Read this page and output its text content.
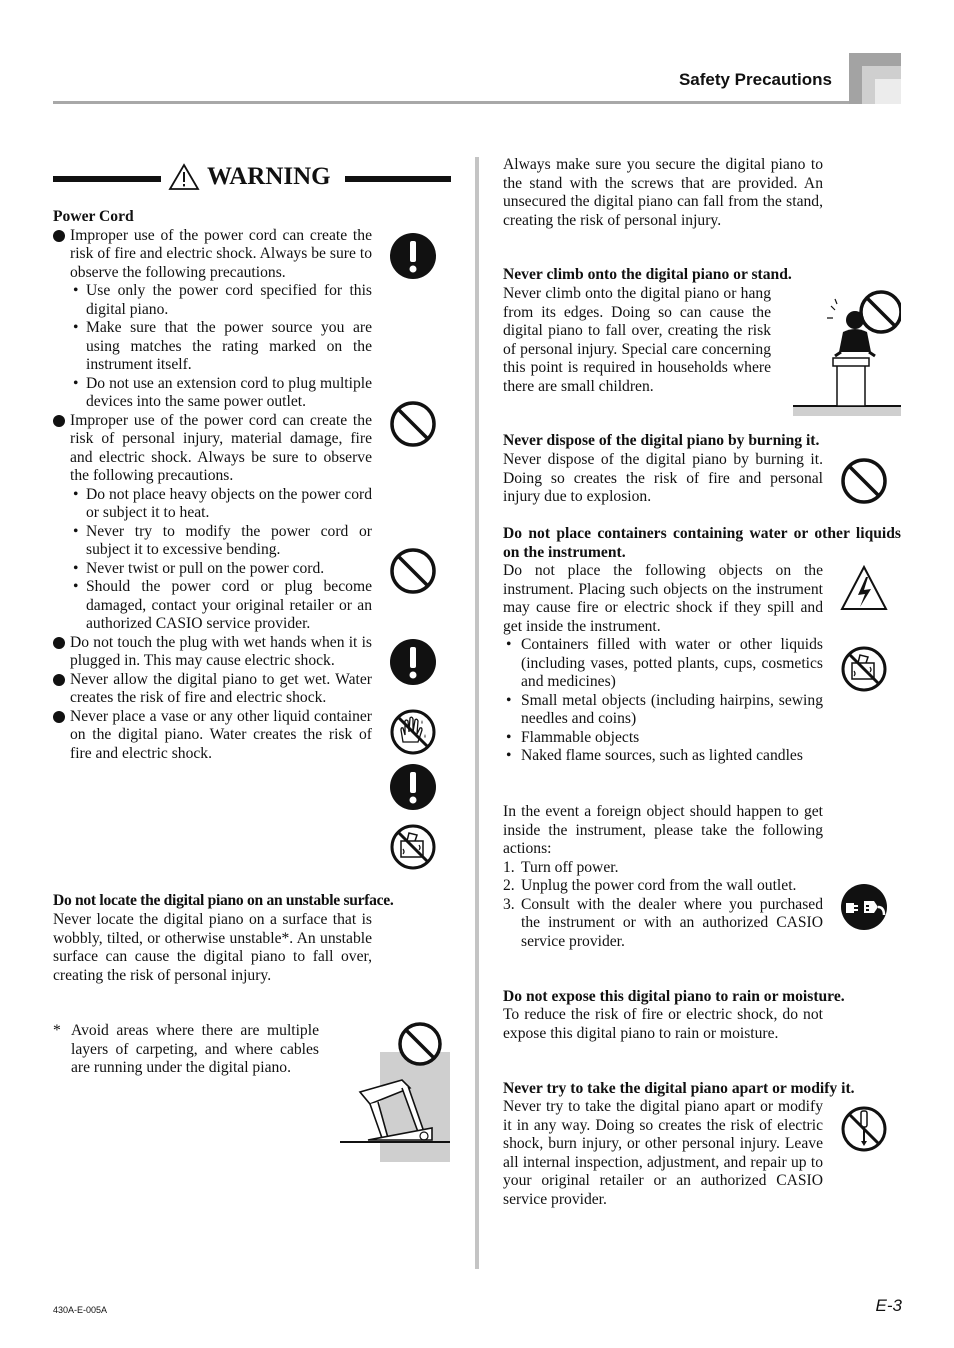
Safety Precautions
WARNING

Power Cord

Improper use of the power cord can create the risk of fire and electric shock. Always be sure to observe the following precautions.
• Use only the power cord specified for this digital piano.
• Make sure that the power source you are using matches the rating marked on the instrument itself.
• Do not use an extension cord to plug multiple devices into the same power outlet.
Improper use of the power cord can create the risk of personal injury, material damage, fire and electric shock. Always be sure to observe the following precautions.
• Do not place heavy objects on the power cord or subject it to heat.
• Never try to modify the power cord or subject it to excessive bending.
• Never twist or pull on the power cord.
• Should the power cord or plug become damaged, contact your original retailer or an authorized CASIO service provider.
Do not touch the plug with wet hands when it is plugged in. This may cause electric shock.
Never allow the digital piano to get wet. Water creates the risk of fire and electric shock.
Never place a vase or any other liquid container on the digital piano. Water creates the risk of fire and electric shock.

Do not locate the digital piano on an unstable surface.

Never locate the digital piano on a surface that is wobbly, tilted, or otherwise unstable*. An unstable surface can cause the digital piano to fall over, creating the risk of personal injury.

* Avoid areas where there are multiple layers of carpeting, and where cables are running under the digital piano.

Always make sure you secure the digital piano to the stand with the screws that are provided. An unsecured the digital piano can fall from the stand, creating the risk of personal injury.

Never climb onto the digital piano or stand.

Never climb onto the digital piano or hang from its edges. Doing so can cause the digital piano to fall over, creating the risk of personal injury. Special care concerning this point is required in households where there are small children.

Never dispose of the digital piano by burning it.

Never dispose of the digital piano by burning it. Doing so creates the risk of fire and personal injury due to explosion.

Do not place containers containing water or other liquids on the instrument.

Do not place the following objects on the instrument. Placing such objects on the instrument may cause fire or electric shock if they spill and get inside the instrument.

• Containers filled with water or other liquids (including vases, potted plants, cups, cosmetics and medicines)
• Small metal objects (including hairpins, sewing needles and coins)
• Flammable objects
• Naked flame sources, such as lighted candles

In the event a foreign object should happen to get inside the instrument, please take the following actions:

1. Turn off power.
2. Unplug the power cord from the wall outlet.
3. Consult with the dealer where you purchased the instrument or with an authorized CASIO service provider.

Do not expose this digital piano to rain or moisture.

To reduce the risk of fire or electric shock, do not expose this digital piano to rain or moisture.

Never try to take the digital piano apart or modify it.

Never try to take the digital piano apart or modify it in any way. Doing so creates the risk of electric shock, burn injury, or other personal injury. Leave all internal inspection, adjustment, and repair up to your original retailer or an authorized CASIO service provider.

430A-E-005A	E-3
